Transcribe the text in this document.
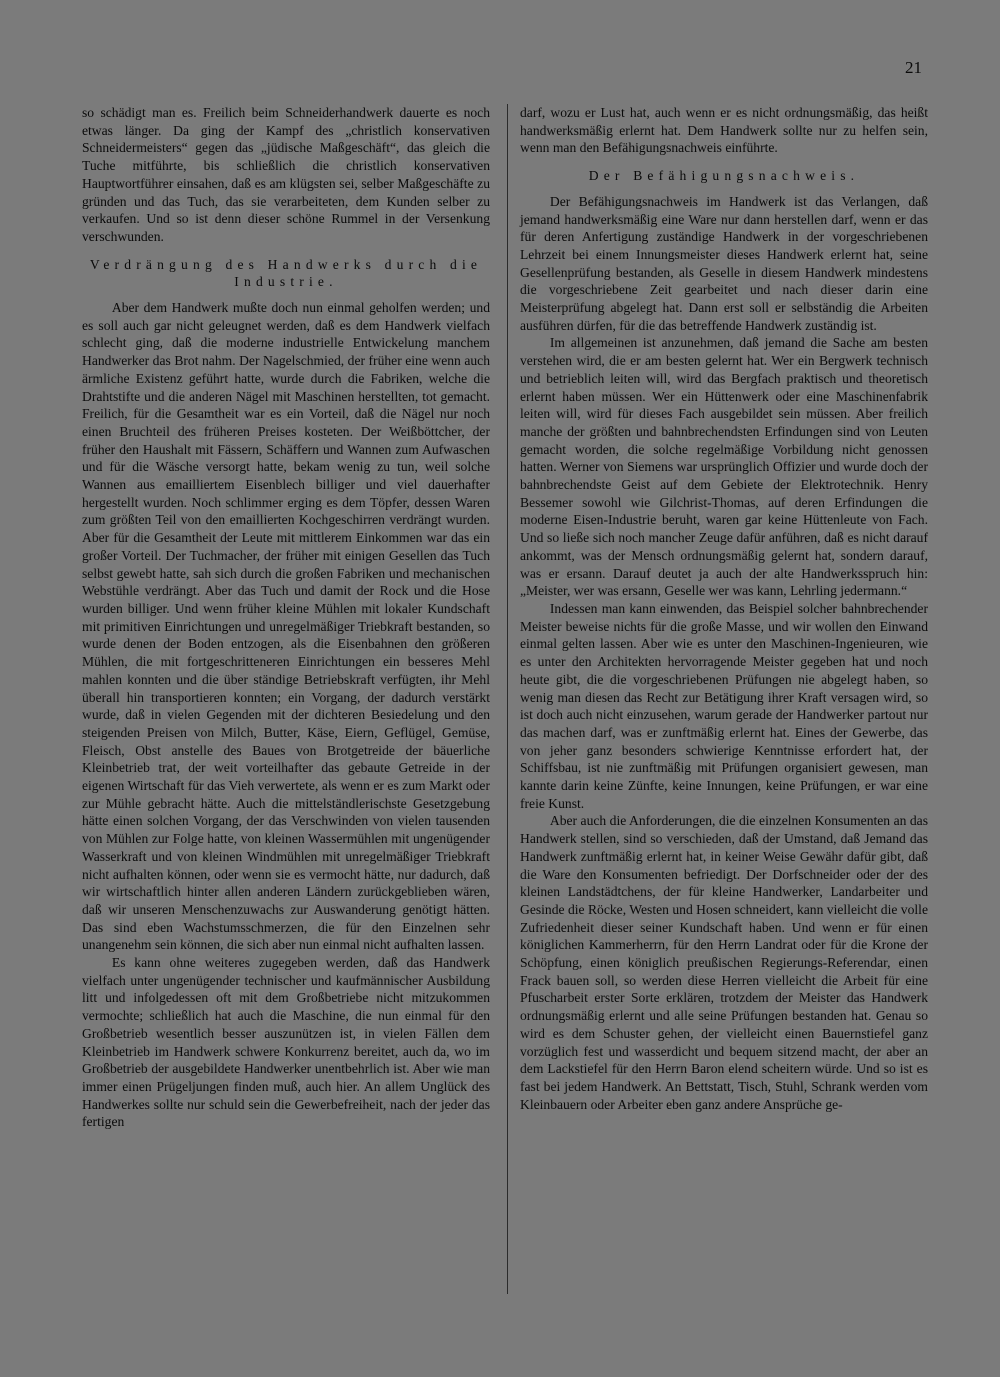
21

so schädigt man es. Freilich beim Schneiderhandwerk dauerte es noch etwas länger. Da ging der Kampf des „christlich konservativen Schneidermeisters“ gegen das „jüdische Maßgeschäft“, das gleich die Tuche mitführte, bis schließlich die christlich konservativen Hauptwortführer einsahen, daß es am klügsten sei, selber Maßgeschäfte zu gründen und das Tuch, das sie verarbeiteten, dem Kunden selber zu verkaufen. Und so ist denn dieser schöne Rummel in der Versenkung verschwunden.

Verdrängung des Handwerks durch die Industrie.

Aber dem Handwerk mußte doch nun einmal geholfen werden; und es soll auch gar nicht geleugnet werden, daß es dem Handwerk vielfach schlecht ging, daß die moderne industrielle Entwickelung manchem Handwerker das Brot nahm. Der Nagelschmied, der früher eine wenn auch ärmliche Existenz geführt hatte, wurde durch die Fabriken, welche die Drahtstifte und die anderen Nägel mit Maschinen herstellten, tot gemacht. Freilich, für die Gesamtheit war es ein Vorteil, daß die Nägel nur noch einen Bruchteil des früheren Preises kosteten. Der Weißböttcher, der früher den Haushalt mit Fässern, Schäffern und Wannen zum Aufwaschen und für die Wäsche versorgt hatte, bekam wenig zu tun, weil solche Wannen aus emailliertem Eisenblech billiger und viel dauerhafter hergestellt wurden. Noch schlimmer erging es dem Töpfer, dessen Waren zum größten Teil von den emaillierten Kochgeschirren verdrängt wurden. Aber für die Gesamtheit der Leute mit mittlerem Einkommen war das ein großer Vorteil. Der Tuchmacher, der früher mit einigen Gesellen das Tuch selbst gewebt hatte, sah sich durch die großen Fabriken und mechanischen Webstühle verdrängt. Aber das Tuch und damit der Rock und die Hose wurden billiger. Und wenn früher kleine Mühlen mit lokaler Kundschaft mit primitiven Einrichtungen und unregelmäßiger Triebkraft bestanden, so wurde denen der Boden entzogen, als die Eisenbahnen den größeren Mühlen, die mit fortgeschritteneren Einrichtungen ein besseres Mehl mahlen konnten und die über ständige Betriebskraft verfügten, ihr Mehl überall hin transportieren konnten; ein Vorgang, der dadurch verstärkt wurde, daß in vielen Gegenden mit der dichteren Besiedelung und den steigenden Preisen von Milch, Butter, Käse, Eiern, Geflügel, Gemüse, Fleisch, Obst anstelle des Baues von Brotgetreide der bäuerliche Kleinbetrieb trat, der weit vorteilhafter das gebaute Getreide in der eigenen Wirtschaft für das Vieh verwertete, als wenn er es zum Markt oder zur Mühle gebracht hätte. Auch die mittelständlerischste Gesetzgebung hätte einen solchen Vorgang, der das Verschwinden von vielen tausenden von Mühlen zur Folge hatte, von kleinen Wassermühlen mit ungenügender Wasserkraft und von kleinen Windmühlen mit unregelmäßiger Triebkraft nicht aufhalten können, oder wenn sie es vermocht hätte, nur dadurch, daß wir wirtschaftlich hinter allen anderen Ländern zurückgeblieben wären, daß wir unseren Menschenzuwachs zur Auswanderung genötigt hätten. Das sind eben Wachstumsschmerzen, die für den Einzelnen sehr unangenehm sein können, die sich aber nun einmal nicht aufhalten lassen.

Es kann ohne weiteres zugegeben werden, daß das Handwerk vielfach unter ungenügender technischer und kaufmännischer Ausbildung litt und infolgedessen oft mit dem Großbetriebe nicht mitzukommen vermochte; schließlich hat auch die Maschine, die nun einmal für den Großbetrieb wesentlich besser auszunützen ist, in vielen Fällen dem Kleinbetrieb im Handwerk schwere Konkurrenz bereitet, auch da, wo im Großbetrieb der ausgebildete Handwerker unentbehrlich ist. Aber wie man immer einen Prügeljungen finden muß, auch hier. An allem Unglück des Handwerkes sollte nur schuld sein die Gewerbefreiheit, nach der jeder das fertigen

darf, wozu er Lust hat, auch wenn er es nicht ordnungsmäßig, das heißt handwerksmäßig erlernt hat. Dem Handwerk sollte nur zu helfen sein, wenn man den Befähigungsnachweis einführte.

Der Befähigungsnachweis.

Der Befähigungsnachweis im Handwerk ist das Verlangen, daß jemand handwerksmäßig eine Ware nur dann herstellen darf, wenn er das für deren Anfertigung zuständige Handwerk in der vorgeschriebenen Lehrzeit bei einem Innungsmeister dieses Handwerk erlernt hat, seine Gesellenprüfung bestanden, als Geselle in diesem Handwerk mindestens die vorgeschriebene Zeit gearbeitet und nach dieser darin eine Meisterprüfung abgelegt hat. Dann erst soll er selbständig die Arbeiten ausführen dürfen, für die das betreffende Handwerk zuständig ist.

Im allgemeinen ist anzunehmen, daß jemand die Sache am besten verstehen wird, die er am besten gelernt hat. Wer ein Bergwerk technisch und betrieblich leiten will, wird das Bergfach praktisch und theoretisch erlernt haben müssen. Wer ein Hüttenwerk oder eine Maschinenfabrik leiten will, wird für dieses Fach ausgebildet sein müssen. Aber freilich manche der größten und bahnbrechendsten Erfindungen sind von Leuten gemacht worden, die solche regelmäßige Vorbildung nicht genossen hatten. Werner von Siemens war ursprünglich Offizier und wurde doch der bahnbrechendste Geist auf dem Gebiete der Elektrotechnik. Henry Bessemer sowohl wie Gilchrist-Thomas, auf deren Erfindungen die moderne Eisen-Industrie beruht, waren gar keine Hüttenleute von Fach. Und so ließe sich noch mancher Zeuge dafür anführen, daß es nicht darauf ankommt, was der Mensch ordnungsmäßig gelernt hat, sondern darauf, was er ersann. Darauf deutet ja auch der alte Handwerksspruch hin: „Meister, wer was ersann, Geselle wer was kann, Lehrling jedermann.“

Indessen man kann einwenden, das Beispiel solcher bahnbrechender Meister beweise nichts für die große Masse, und wir wollen den Einwand einmal gelten lassen. Aber wie es unter den Maschinen-Ingenieuren, wie es unter den Architekten hervorragende Meister gegeben hat und noch heute gibt, die die vorgeschriebenen Prüfungen nie abgelegt haben, so wenig man diesen das Recht zur Betätigung ihrer Kraft versagen wird, so ist doch auch nicht einzusehen, warum gerade der Handwerker partout nur das machen darf, was er zunftmäßig erlernt hat. Eines der Gewerbe, das von jeher ganz besonders schwierige Kenntnisse erfordert hat, der Schiffsbau, ist nie zunftmäßig mit Prüfungen organisiert gewesen, man kannte darin keine Zünfte, keine Innungen, keine Prüfungen, er war eine freie Kunst.

Aber auch die Anforderungen, die die einzelnen Konsumenten an das Handwerk stellen, sind so verschieden, daß der Umstand, daß Jemand das Handwerk zunftmäßig erlernt hat, in keiner Weise Gewähr dafür gibt, daß die Ware den Konsumenten befriedigt. Der Dorfschneider oder der des kleinen Landstädtchens, der für kleine Handwerker, Landarbeiter und Gesinde die Röcke, Westen und Hosen schneidert, kann vielleicht die volle Zufriedenheit dieser seiner Kundschaft haben. Und wenn er für einen königlichen Kammerherrn, für den Herrn Landrat oder für die Krone der Schöpfung, einen königlich preußischen Regierungs-Referendar, einen Frack bauen soll, so werden diese Herren vielleicht die Arbeit für eine Pfuscharbeit erster Sorte erklären, trotzdem der Meister das Handwerk ordnungsmäßig erlernt und alle seine Prüfungen bestanden hat. Genau so wird es dem Schuster gehen, der vielleicht einen Bauernstiefel ganz vorzüglich fest und wasserdicht und bequem sitzend macht, der aber an dem Lackstiefel für den Herrn Baron elend scheitern würde. Und so ist es fast bei jedem Handwerk. An Bettstatt, Tisch, Stuhl, Schrank werden vom Kleinbauern oder Arbeiter eben ganz andere Ansprüche ge-
